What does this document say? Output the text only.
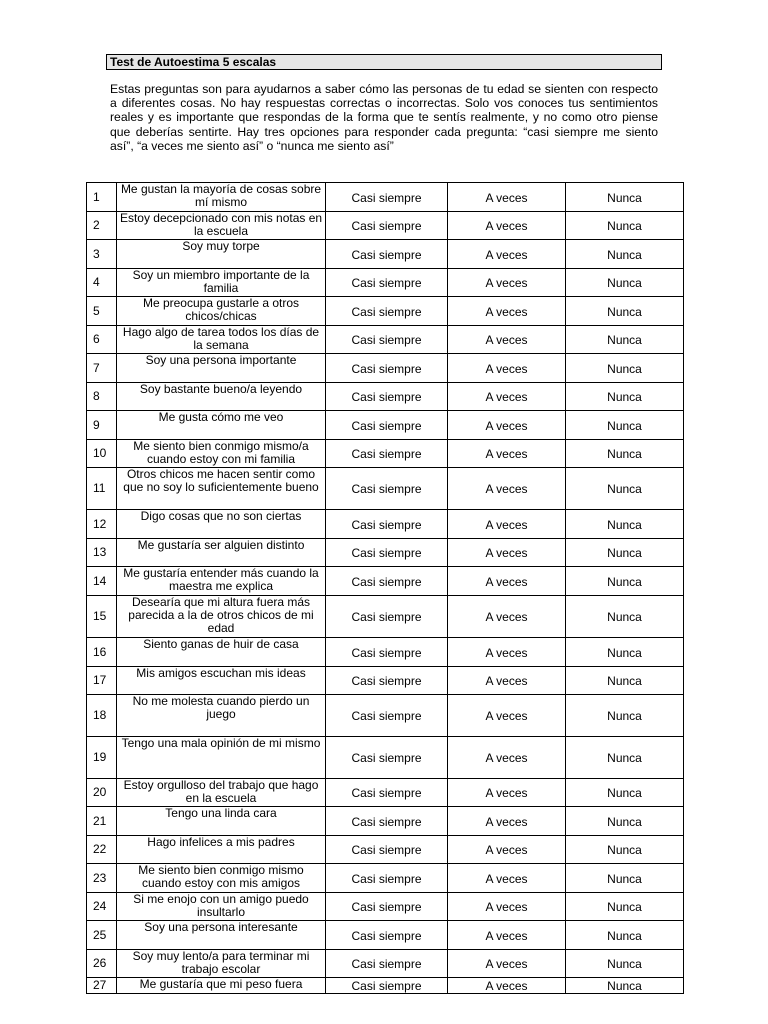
Test de Autoestima 5 escalas

Estas preguntas son para ayudarnos a saber cómo las personas de tu edad se sienten con respecto a diferentes cosas. No hay respuestas correctas o incorrectas. Solo vos conoces tus sentimientos reales y es importante que respondas de la forma que te sentís realmente, y no como otro piense que deberías sentirte. Hay tres opciones para responder cada pregunta: “casi siempre me siento así”, “a veces me siento así” o “nunca me siento así”

1	Me gustan la mayoría de cosas sobre mí mismo	Casi siempre	A veces	Nunca
2	Estoy decepcionado con mis notas en la escuela	Casi siempre	A veces	Nunca
3	Soy muy torpe	Casi siempre	A veces	Nunca
4	Soy un miembro importante de la familia	Casi siempre	A veces	Nunca
5	Me preocupa gustarle a otros chicos/chicas	Casi siempre	A veces	Nunca
6	Hago algo de tarea todos los días de la semana	Casi siempre	A veces	Nunca
7	Soy una persona importante	Casi siempre	A veces	Nunca
8	Soy bastante bueno/a leyendo	Casi siempre	A veces	Nunca
9	Me gusta cómo me veo	Casi siempre	A veces	Nunca
10	Me siento bien conmigo mismo/a cuando estoy con mi familia	Casi siempre	A veces	Nunca
11	Otros chicos me hacen sentir como que no soy lo suficientemente bueno	Casi siempre	A veces	Nunca
12	Digo cosas que no son ciertas	Casi siempre	A veces	Nunca
13	Me gustaría ser alguien distinto	Casi siempre	A veces	Nunca
14	Me gustaría entender más cuando la maestra me explica	Casi siempre	A veces	Nunca
15	Desearía que mi altura fuera más parecida a la de otros chicos de mi edad	Casi siempre	A veces	Nunca
16	Siento ganas de huir de casa	Casi siempre	A veces	Nunca
17	Mis amigos escuchan mis ideas	Casi siempre	A veces	Nunca
18	No me molesta cuando pierdo un juego	Casi siempre	A veces	Nunca
19	Tengo una mala opinión de mi mismo	Casi siempre	A veces	Nunca
20	Estoy orgulloso del trabajo que hago en la escuela	Casi siempre	A veces	Nunca
21	Tengo una linda cara	Casi siempre	A veces	Nunca
22	Hago infelices a mis padres	Casi siempre	A veces	Nunca
23	Me siento bien conmigo mismo cuando estoy con mis amigos	Casi siempre	A veces	Nunca
24	Si me enojo con un amigo puedo insultarlo	Casi siempre	A veces	Nunca
25	Soy una persona interesante	Casi siempre	A veces	Nunca
26	Soy muy lento/a para terminar mi trabajo escolar	Casi siempre	A veces	Nunca
27	Me gustaría que mi peso fuera	Casi siempre	A veces	Nunca
